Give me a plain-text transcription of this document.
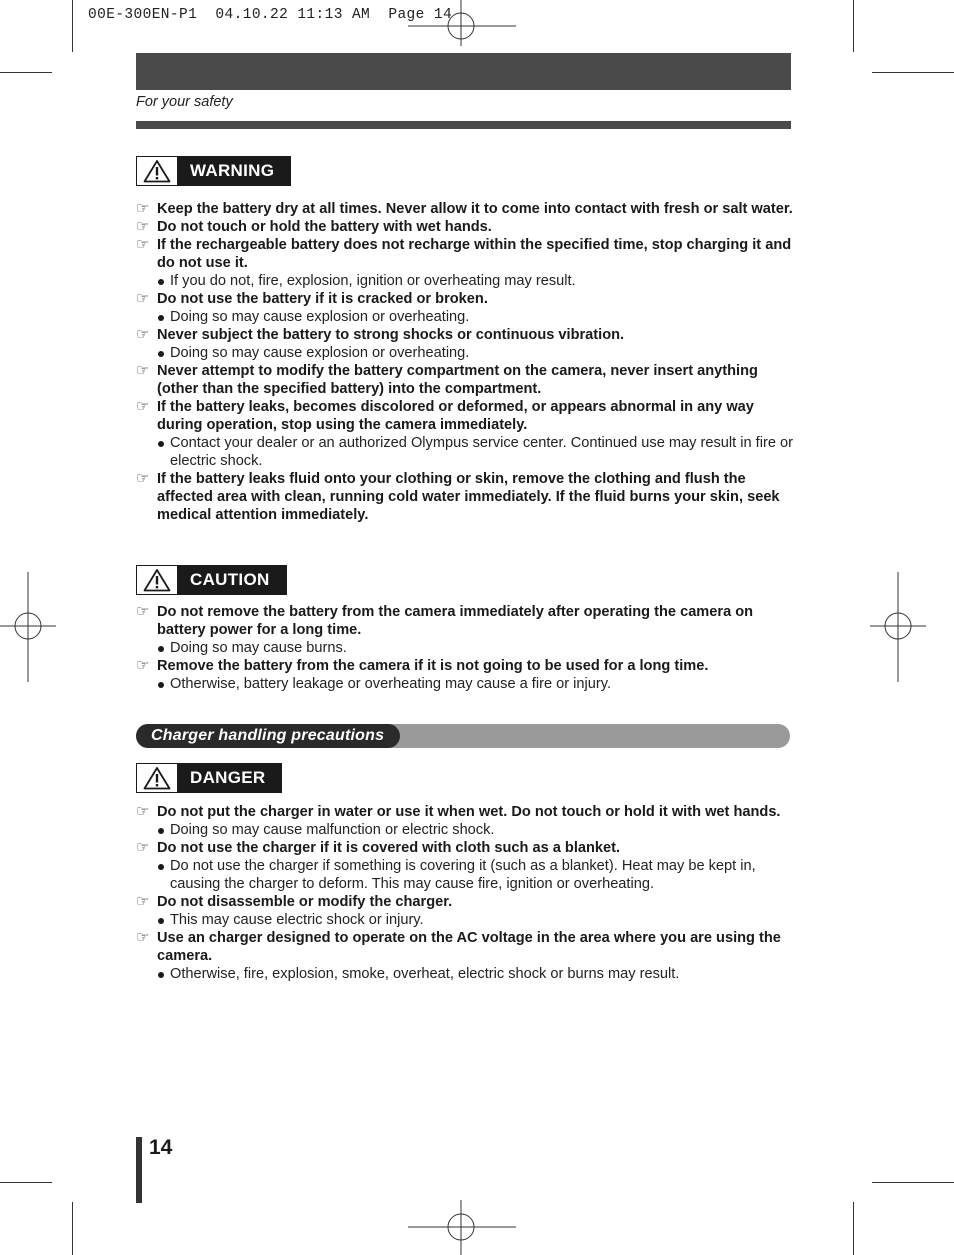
00E-300EN-P1  04.10.22 11:13 AM  Page 14
For your safety
WARNING
☞ Keep the battery dry at all times. Never allow it to come into contact with fresh or salt water.
☞ Do not touch or hold the battery with wet hands.
☞ If the rechargeable battery does not recharge within the specified time, stop charging it and do not use it.
If you do not, fire, explosion, ignition or overheating may result.
☞ Do not use the battery if it is cracked or broken.
Doing so may cause explosion or overheating.
☞ Never subject the battery to strong shocks or continuous vibration.
Doing so may cause explosion or overheating.
☞ Never attempt to modify the battery compartment on the camera, never insert anything (other than the specified battery) into the compartment.
☞ If the battery leaks, becomes discolored or deformed, or appears abnormal in any way during operation, stop using the camera immediately.
Contact your dealer or an authorized Olympus service center. Continued use may result in fire or electric shock.
☞ If the battery leaks fluid onto your clothing or skin, remove the clothing and flush the affected area with clean, running cold water immediately. If the fluid burns your skin, seek medical attention immediately.
CAUTION
☞ Do not remove the battery from the camera immediately after operating the camera on battery power for a long time.
Doing so may cause burns.
☞ Remove the battery from the camera if it is not going to be used for a long time.
Otherwise, battery leakage or overheating may cause a fire or injury.
Charger handling precautions
DANGER
☞ Do not put the charger in water or use it when wet. Do not touch or hold it with wet hands.
Doing so may cause malfunction or electric shock.
☞ Do not use the charger if it is covered with cloth such as a blanket.
Do not use the charger if something is covering it (such as a blanket). Heat may be kept in, causing the charger to deform. This may cause fire, ignition or overheating.
☞ Do not disassemble or modify the charger.
This may cause electric shock or injury.
☞ Use an charger designed to operate on the AC voltage in the area where you are using the camera.
Otherwise, fire, explosion, smoke, overheat, electric shock or burns may result.
14
